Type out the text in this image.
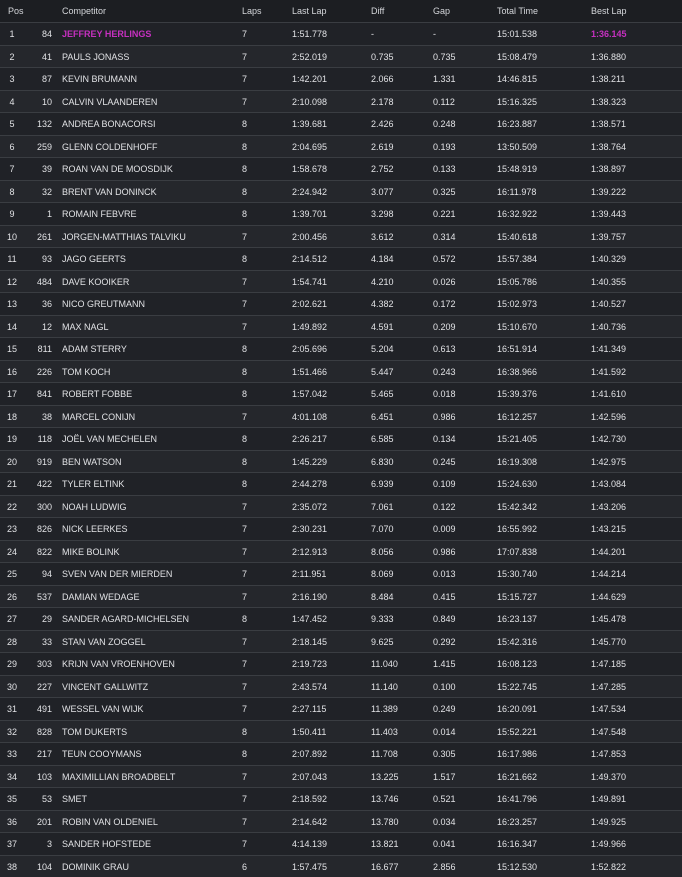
Pos	Competitor	Laps	Last Lap	Diff	Gap	Total Time	Best Lap
1	84 JEFFREY HERLINGS	7	1:51.778	-	-	15:01.538	1:36.145
2	41 PAULS JONASS	7	2:52.019	0.735	0.735	15:08.479	1:36.880
3	87 KEVIN BRUMANN	7	1:42.201	2.066	1.331	14:46.815	1:38.211
4	10 CALVIN VLAANDEREN	7	2:10.098	2.178	0.112	15:16.325	1:38.323
5	132 ANDREA BONACORSI	8	1:39.681	2.426	0.248	16:23.887	1:38.571
6	259 GLENN COLDENHOFF	8	2:04.695	2.619	0.193	13:50.509	1:38.764
7	39 ROAN VAN DE MOOSDIJK	8	1:58.678	2.752	0.133	15:48.919	1:38.897
8	32 BRENT VAN DONINCK	8	2:24.942	3.077	0.325	16:11.978	1:39.222
9	1 ROMAIN FEBVRE	8	1:39.701	3.298	0.221	16:32.922	1:39.443
10	261 JORGEN-MATTHIAS TALVIKU	7	2:00.456	3.612	0.314	15:40.618	1:39.757
11	93 JAGO GEERTS	8	2:14.512	4.184	0.572	15:57.384	1:40.329
12	484 DAVE KOOIKER	7	1:54.741	4.210	0.026	15:05.786	1:40.355
13	36 NICO GREUTMANN	7	2:02.621	4.382	0.172	15:02.973	1:40.527
14	12 MAX NAGL	7	1:49.892	4.591	0.209	15:10.670	1:40.736
15	811 ADAM STERRY	8	2:05.696	5.204	0.613	16:51.914	1:41.349
16	226 TOM KOCH	8	1:51.466	5.447	0.243	16:38.966	1:41.592
17	841 ROBERT FOBBE	8	1:57.042	5.465	0.018	15:39.376	1:41.610
18	38 MARCEL CONIJN	7	4:01.108	6.451	0.986	16:12.257	1:42.596
19	118 JOËL VAN MECHELEN	8	2:26.217	6.585	0.134	15:21.405	1:42.730
20	919 BEN WATSON	8	1:45.229	6.830	0.245	16:19.308	1:42.975
21	422 TYLER ELTINK	8	2:44.278	6.939	0.109	15:24.630	1:43.084
22	300 NOAH LUDWIG	7	2:35.072	7.061	0.122	15:42.342	1:43.206
23	826 NICK LEERKES	7	2:30.231	7.070	0.009	16:55.992	1:43.215
24	822 MIKE BOLINK	7	2:12.913	8.056	0.986	17:07.838	1:44.201
25	94 SVEN VAN DER MIERDEN	7	2:11.951	8.069	0.013	15:30.740	1:44.214
26	537 DAMIAN WEDAGE	7	2:16.190	8.484	0.415	15:15.727	1:44.629
27	29 SANDER AGARD-MICHELSEN	8	1:47.452	9.333	0.849	16:23.137	1:45.478
28	33 STAN VAN ZOGGEL	7	2:18.145	9.625	0.292	15:42.316	1:45.770
29	303 KRIJN VAN VROENHOVEN	7	2:19.723	11.040	1.415	16:08.123	1:47.185
30	227 VINCENT GALLWITZ	7	2:43.574	11.140	0.100	15:22.745	1:47.285
31	491 WESSEL VAN WIJK	7	2:27.115	11.389	0.249	16:20.091	1:47.534
32	828 TOM DUKERTS	8	1:50.411	11.403	0.014	15:52.221	1:47.548
33	217 TEUN COOYMANS	8	2:07.892	11.708	0.305	16:17.986	1:47.853
34	103 MAXIMILLIAN BROADBELT	7	2:07.043	13.225	1.517	16:21.662	1:49.370
35	53 SMET	7	2:18.592	13.746	0.521	16:41.796	1:49.891
36	201 ROBIN VAN OLDENIEL	7	2:14.642	13.780	0.034	16:23.257	1:49.925
37	3 SANDER HOFSTEDE	7	4:14.139	13.821	0.041	16:16.347	1:49.966
38	104 DOMINIK GRAU	6	1:57.475	16.677	2.856	15:12.530	1:52.822
